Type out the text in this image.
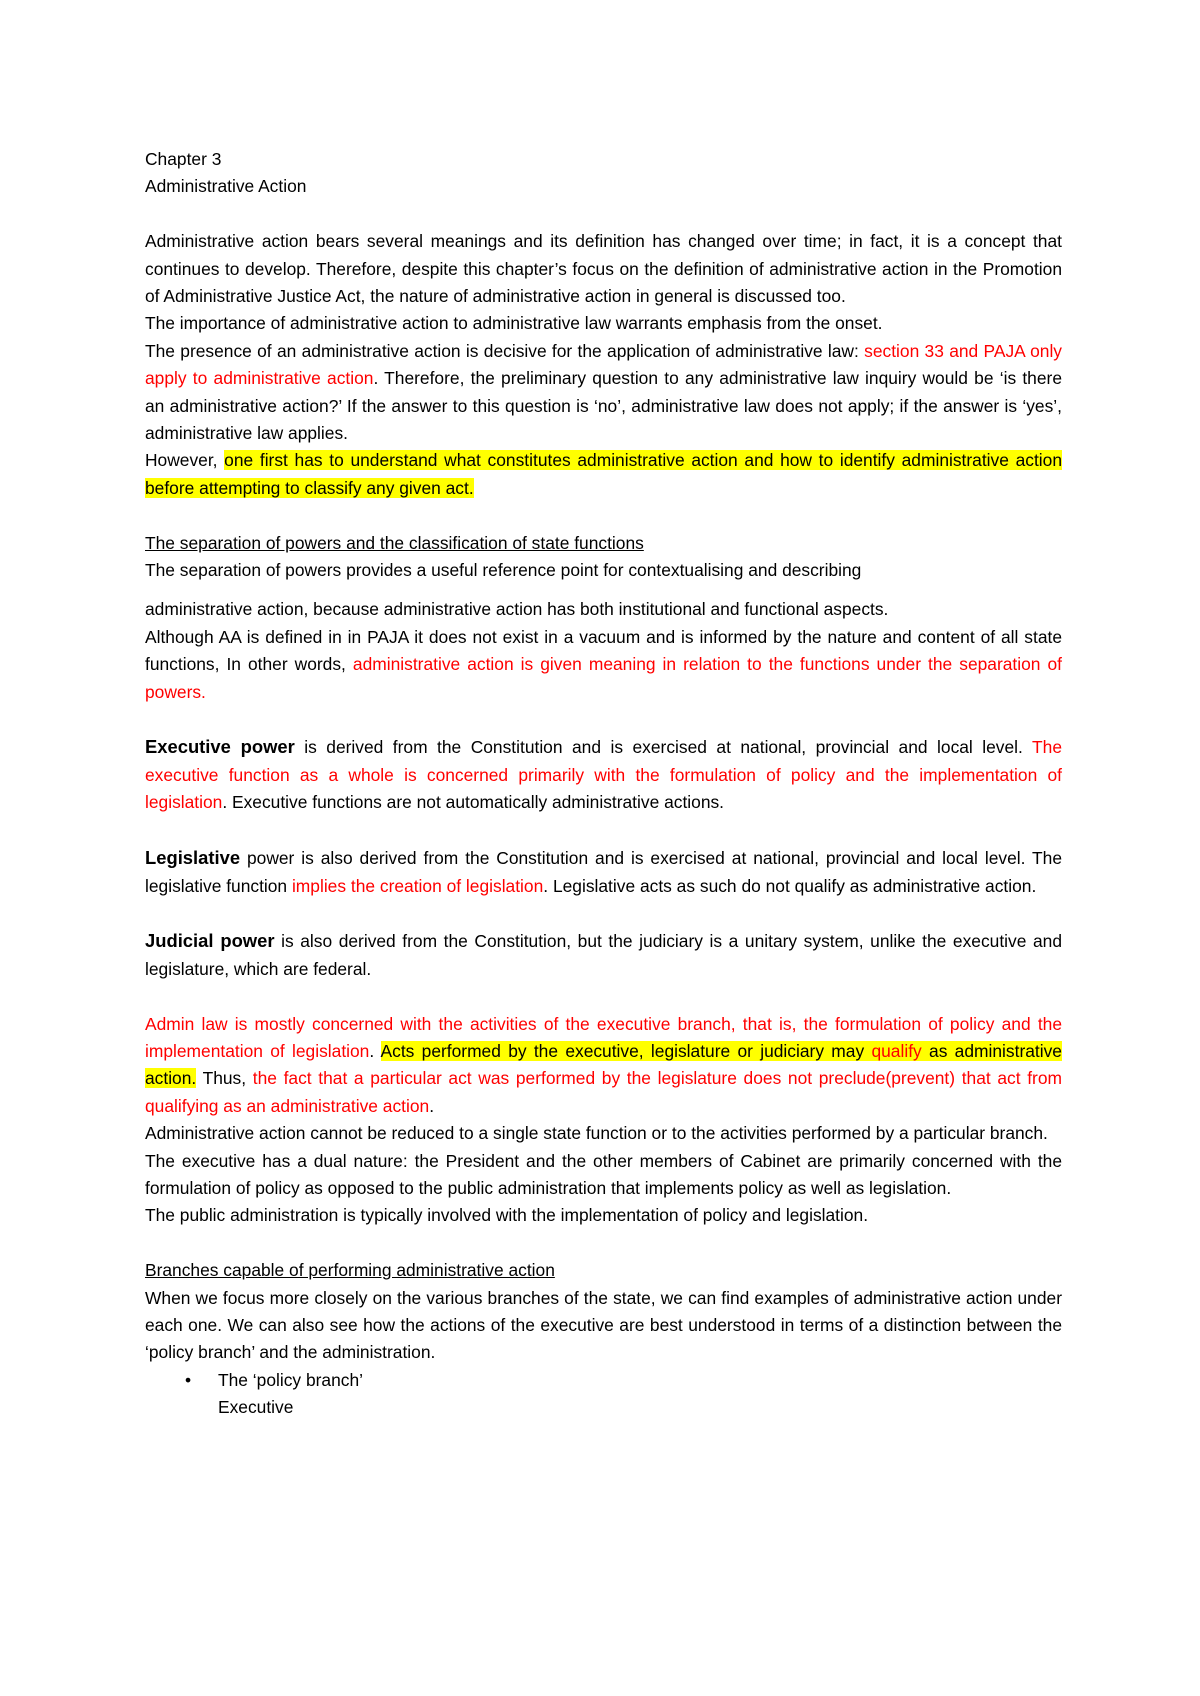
Chapter 3

Administrative Action

Administrative action bears several meanings and its definition has changed over time; in fact, it is a concept that continues to develop. Therefore, despite this chapter’s focus on the definition of administrative action in the Promotion of Administrative Justice Act, the nature of administrative action in general is discussed too.

The importance of administrative action to administrative law warrants emphasis from the onset.

The presence of an administrative action is decisive for the application of administrative law: section 33 and PAJA only apply to administrative action. Therefore, the preliminary question to any administrative law inquiry would be ‘is there an administrative action?’ If the answer to this question is ‘no’, administrative law does not apply; if the answer is ‘yes’, administrative law applies.

However, one first has to understand what constitutes administrative action and how to identify administrative action before attempting to classify any given act.

The separation of powers and the classification of state functions

The separation of powers provides a useful reference point for contextualising and describing

administrative action, because administrative action has both institutional and functional aspects.

Although AA is defined in in PAJA it does not exist in a vacuum and is informed by the nature and content of all state functions, In other words, administrative action is given meaning in relation to the functions under the separation of powers.

Executive power is derived from the Constitution and is exercised at national, provincial and local level. The executive function as a whole is concerned primarily with the formulation of policy and the implementation of legislation. Executive functions are not automatically administrative actions.

Legislative power is also derived from the Constitution and is exercised at national, provincial and local level. The legislative function implies the creation of legislation. Legislative acts as such do not qualify as administrative action.

Judicial power is also derived from the Constitution, but the judiciary is a unitary system, unlike the executive and legislature, which are federal.

Admin law is mostly concerned with the activities of the executive branch, that is, the formulation of policy and the implementation of legislation. Acts performed by the executive, legislature or judiciary may qualify as administrative action. Thus, the fact that a particular act was performed by the legislature does not preclude(prevent) that act from qualifying as an administrative action.

Administrative action cannot be reduced to a single state function or to the activities performed by a particular branch.

The executive has a dual nature: the President and the other members of Cabinet are primarily concerned with the formulation of policy as opposed to the public administration that implements policy as well as legislation.

The public administration is typically involved with the implementation of policy and legislation.

Branches capable of performing administrative action

When we focus more closely on the various branches of the state, we can find examples of administrative action under each one. We can also see how the actions of the executive are best understood in terms of a distinction between the ‘policy branch’ and the administration.

• The ‘policy branch’

Executive
